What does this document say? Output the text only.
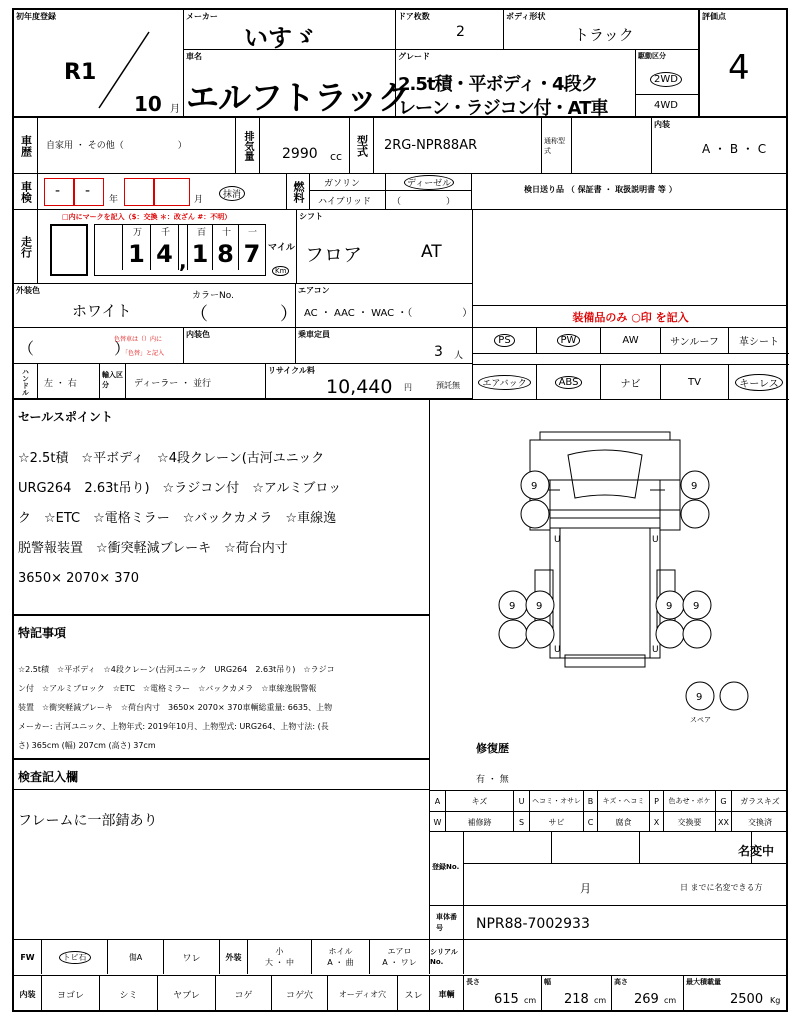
初年度登録
R1
10 月
メーカー
いすゞ
ドア枚数
2
ボディ形状
トラック
評価点
4
車名
エルフトラック
グレード
2.5t積・平ボディ・4段ク
レーン・ラジコン付・AT車
駆動区分
2WD
4WD
車歴	自家用 ・ その他（　　　　　　）	排気量	2990 cc	型式	2RG-NPR88AR	通称型式
内装
A ・ B ・ C
車検	- -
年	月	抹消	燃料	ガソリン	ディーゼル
ハイブリッド （　　　　　）
検日送り品 （ 保証書 ・ 取扱説明書 等 ）
走行
□内にマークを記入（$：交換 ＊：改ざん #：不明）
万
1
千
4 ,
百
1
十
8
一
7 マイル
Km
シフト
フロア	AT
外装色
ホワイト
カラーNo.
（　　　　）
エアコン
AC ・ AAC ・ WAC ・（　　　　　）	装備品のみ ○印 を記入
（　　　　　）
色替車は（）内に
「色替」と記入
内装色	乗車定員
3 人
PS	PW	AW	サンルーフ 革シート
エアバック	ABS	ナビ	TV	キーレス
ハンドル	左 ・ 右
輸入区分	ディーラー ・ 並行
リサイクル料
10,440 円	預託無
セールスポイント
☆2.5t積　☆平ボディ　☆4段クレーン(古河ユニック
URG264　2.63t吊り)　☆ラジコン付　☆アルミブロッ
ク　☆ETC　☆電格ミラー　☆バックカメラ　☆車線逸
脱警報装置　☆衝突軽減ブレーキ　☆荷台内寸
3650× 2070× 370
特記事項
☆2.5t積　☆平ボディ　☆4段クレーン(古河ユニック　URG264　2.63t吊り)　☆ラジコ
ン付　☆アルミブロック　☆ETC　☆電格ミラー　☆バックカメラ　☆車線逸脱警報
装置　☆衝突軽減ブレーキ　☆荷台内寸　3650× 2070× 370車輌総重量: 6635、上物
メーカー: 古河ユニック、上物年式: 2019年10月、上物型式: URG264、上物寸法: (長
さ) 365cm (幅) 207cm (高さ) 37cm
検査記入欄
フレームに一部錆あり
9	9
9 9	9 9
9
U	U
U	U
スペア
修復歴
有 ・ 無
A	キズ	U	ヘコミ・オサレ B	キズ・ヘコミ	P	色あせ・ボケ	G	ガラスキズ
W	補修跡	S	サビ	C	腐食	X	交換要	XX	交換済
登録No.
名変中
月	日 までに名変できる方
車体番号	NPR88-7002933
FW	トビ石	傷A	ワレ	外装
小
大 ・ 中
ホイル
A ・ 曲
エアロ
A ・ ワレ
シリアルNo.
内装	ヨゴレ	シミ	ヤブレ	コゲ	コゲ穴	オーディオ穴	スレ	車輌
長さ
615 cm
幅
218 cm
高さ
269 cm
最大積載量
2500 Kg
